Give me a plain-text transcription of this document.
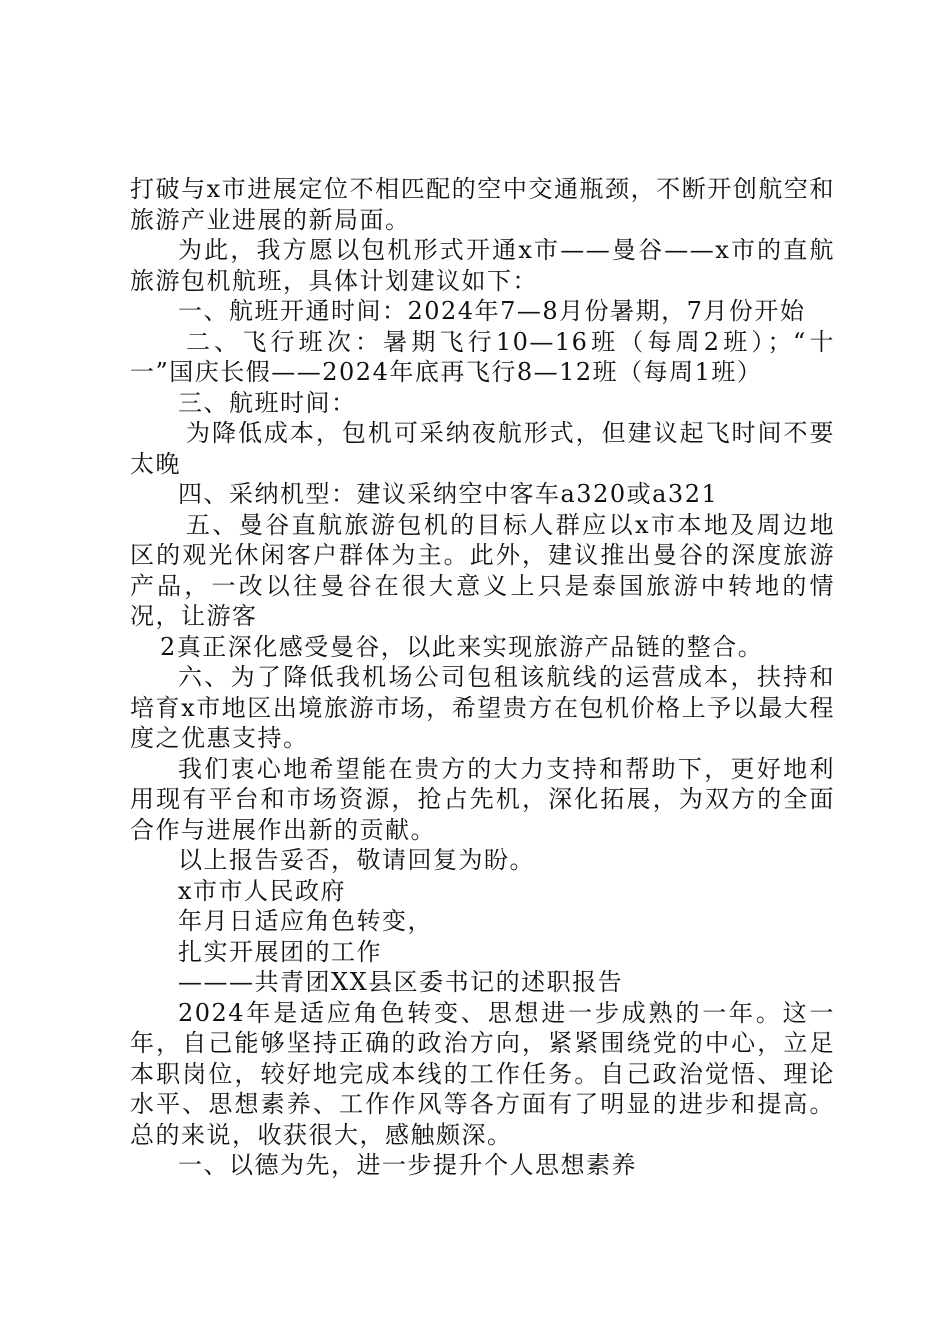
打破与x市进展定位不相匹配的空中交通瓶颈，不断开创航空和旅游产业进展的新局面。

为此，我方愿以包机形式开通x市——曼谷——x市的直航旅游包机航班，具体计划建议如下：

一、航班开通时间：2024年7—8月份暑期，7月份开始

二、飞行班次：暑期飞行10—16班（每周2班）；“十一”国庆长假——2024年底再飞行8—12班（每周1班）

三、航班时间：

为降低成本，包机可采纳夜航形式，但建议起飞时间不要太晚

四、采纳机型：建议采纳空中客车a320或a321

五、曼谷直航旅游包机的目标人群应以x市本地及周边地区的观光休闲客户群体为主。此外，建议推出曼谷的深度旅游产品，一改以往曼谷在很大意义上只是泰国旅游中转地的情况，让游客

2真正深化感受曼谷，以此来实现旅游产品链的整合。

六、为了降低我机场公司包租该航线的运营成本，扶持和培育x市地区出境旅游市场，希望贵方在包机价格上予以最大程度之优惠支持。

我们衷心地希望能在贵方的大力支持和帮助下，更好地利用现有平台和市场资源，抢占先机，深化拓展，为双方的全面合作与进展作出新的贡献。

以上报告妥否，敬请回复为盼。

x市市人民政府

年月日适应角色转变，

扎实开展团的工作

———共青团XX县区委书记的述职报告

2024年是适应角色转变、思想进一步成熟的一年。这一年，自己能够坚持正确的政治方向，紧紧围绕党的中心，立足本职岗位，较好地完成本线的工作任务。自己政治觉悟、理论水平、思想素养、工作作风等各方面有了明显的进步和提高。总的来说，收获很大，感触颇深。

一、以德为先，进一步提升个人思想素养
